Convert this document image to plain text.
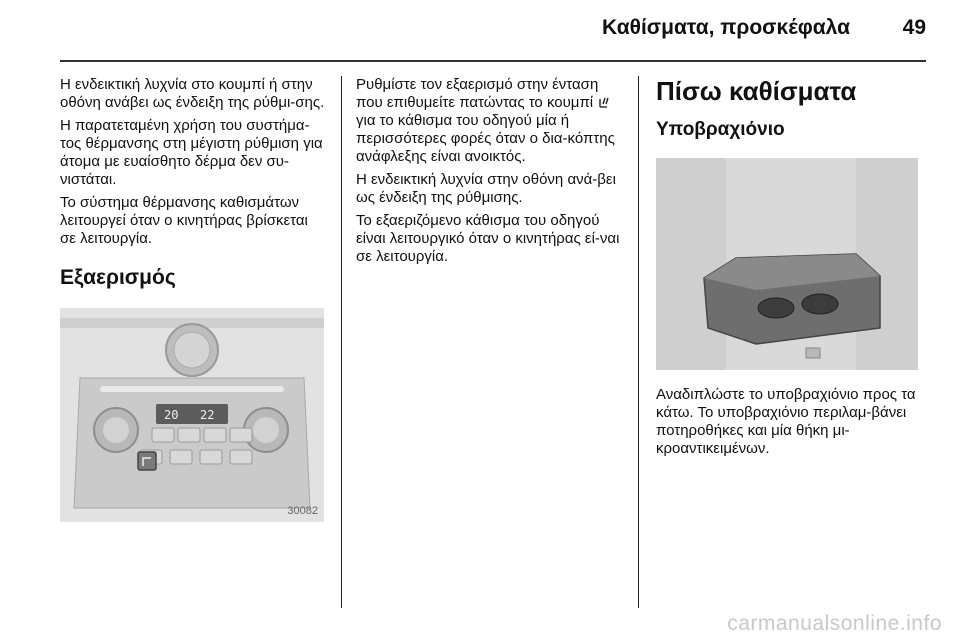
Καθίσματα, προσκέφαλα	49

Η ενδεικτική λυχνία στο κουμπί ή στην οθόνη ανάβει ως ένδειξη της ρύθμι-σης.

Η παρατεταμένη χρήση του συστήμα-τος θέρμανσης στη μέγιστη ρύθμιση για άτομα με ευαίσθητο δέρμα δεν συ-νιστάται.

Το σύστημα θέρμανσης καθισμάτων λειτουργεί όταν ο κινητήρας βρίσκεται σε λειτουργία.

Εξαερισμός
20 22
30082

Ρυθμίστε τον εξαερισμό στην ένταση που επιθυμείτε πατώντας το κουμπί  για το κάθισμα του οδηγού μία ή περισσότερες φορές όταν ο δια-κόπτης ανάφλεξης είναι ανοικτός.

Η ενδεικτική λυχνία στην οθόνη ανά-βει ως ένδειξη της ρύθμισης.

Το εξαεριζόμενο κάθισμα του οδηγού είναι λειτουργικό όταν ο κινητήρας εί-ναι σε λειτουργία.

Πίσω καθίσματα
Υποβραχιόνιο

Αναδιπλώστε το υποβραχιόνιο προς τα κάτω. Το υποβραχιόνιο περιλαμ-βάνει ποτηροθήκες και μία θήκη μι-κροαντικειμένων.

carmanualsonline.info
